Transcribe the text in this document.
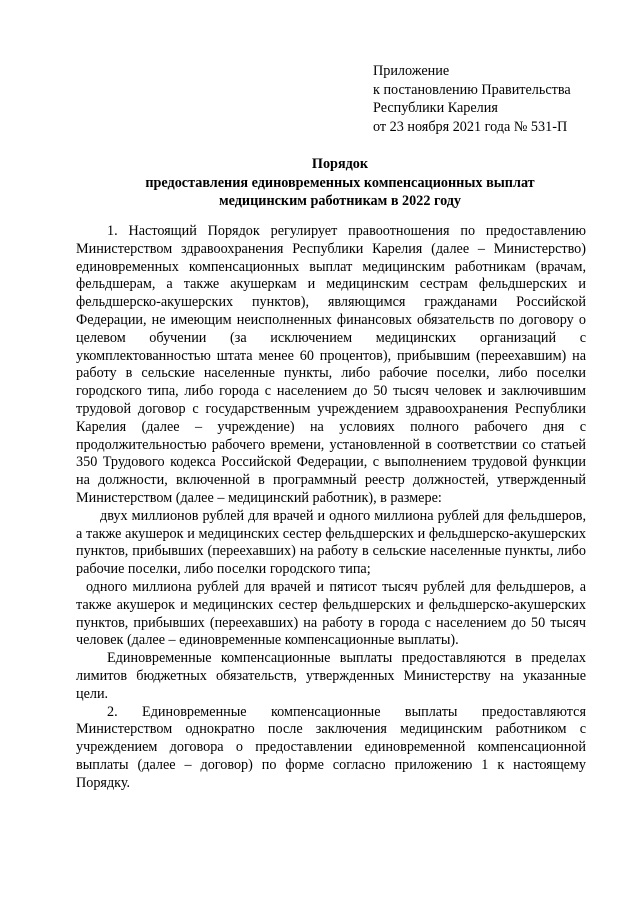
Приложение
к постановлению Правительства
Республики Карелия
от 23 ноября 2021 года № 531-П
Порядок
предоставления единовременных компенсационных выплат
медицинским работникам в 2022 году

1. Настоящий Порядок регулирует правоотношения по предоставлению Министерством здравоохранения Республики Карелия (далее – Министерство) единовременных компенсационных выплат медицинским работникам (врачам, фельдшерам, а также акушеркам и медицинским сестрам фельдшерских и фельдшерско-акушерских пунктов), являющимся гражданами Российской Федерации, не имеющим неисполненных финансовых обязательств по договору о целевом обучении (за исключением медицинских организаций с укомплектованностью штата менее 60 процентов), прибывшим (переехавшим) на работу в сельские населенные пункты, либо рабочие поселки, либо поселки городского типа, либо города с населением до 50 тысяч человек и заключившим трудовой договор с государственным учреждением здравоохранения Республики Карелия (далее – учреждение) на условиях полного рабочего дня с продолжительностью рабочего времени, установленной в соответствии со статьей 350 Трудового кодекса Российской Федерации, с выполнением трудовой функции на должности, включенной в программный реестр должностей, утвержденный Министерством (далее – медицинский работник), в размере:

двух миллионов рублей для врачей и одного миллиона рублей для фельдшеров, а также акушерок и медицинских сестер фельдшерских и фельдшерско-акушерских пунктов, прибывших (переехавших) на работу в сельские населенные пункты, либо рабочие поселки, либо поселки городского типа;

одного миллиона рублей для врачей и пятисот тысяч рублей для фельдшеров, а также акушерок и медицинских сестер фельдшерских и фельдшерско-акушерских пунктов, прибывших (переехавших) на работу в города с населением до 50 тысяч человек (далее – единовременные компенсационные выплаты).

Единовременные компенсационные выплаты предоставляются в пределах лимитов бюджетных обязательств, утвержденных Министерству на указанные цели.

2. Единовременные компенсационные выплаты предоставляются Министерством однократно после заключения медицинским работником с учреждением договора о предоставлении единовременной компенсационной выплаты (далее – договор) по форме согласно приложению 1 к настоящему Порядку.
